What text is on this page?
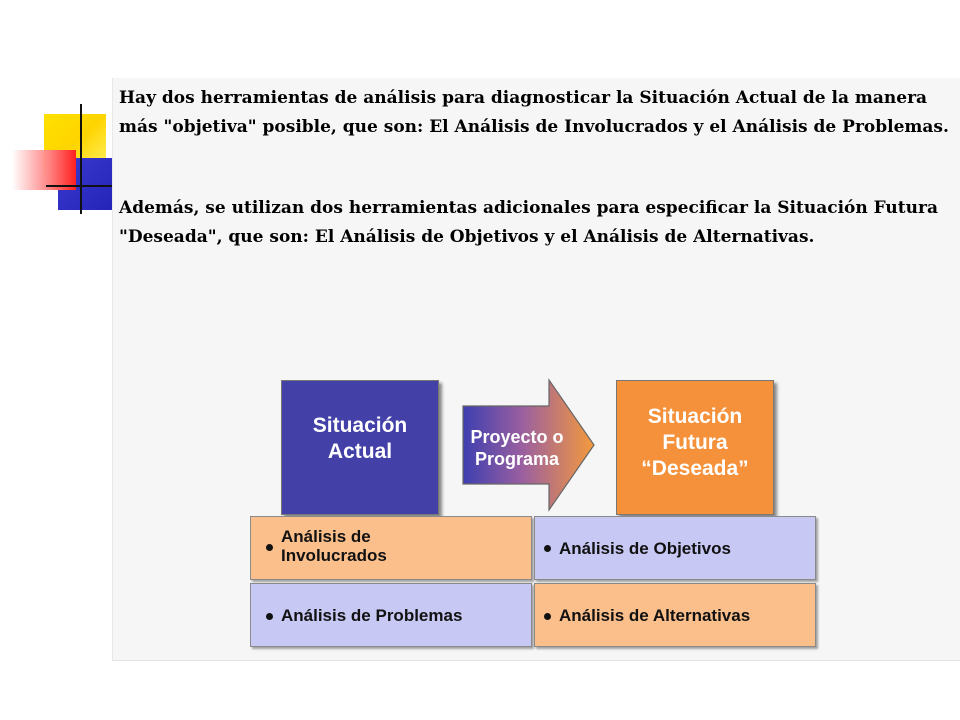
Hay dos herramientas de análisis para diagnosticar la Situación Actual de la manera más "objetiva" posible, que son: El Análisis de Involucrados y el Análisis de Problemas.

Además, se utilizan dos herramientas adicionales para especificar la Situación Futura "Deseada", que son: El Análisis de Objetivos y el Análisis de Alternativas.

Situación
Actual
Proyecto o
Programa
Situación
Futura
“Deseada”
Análisis de
Involucrados	Análisis de Objetivos
Análisis de Problemas	Análisis de Alternativas
